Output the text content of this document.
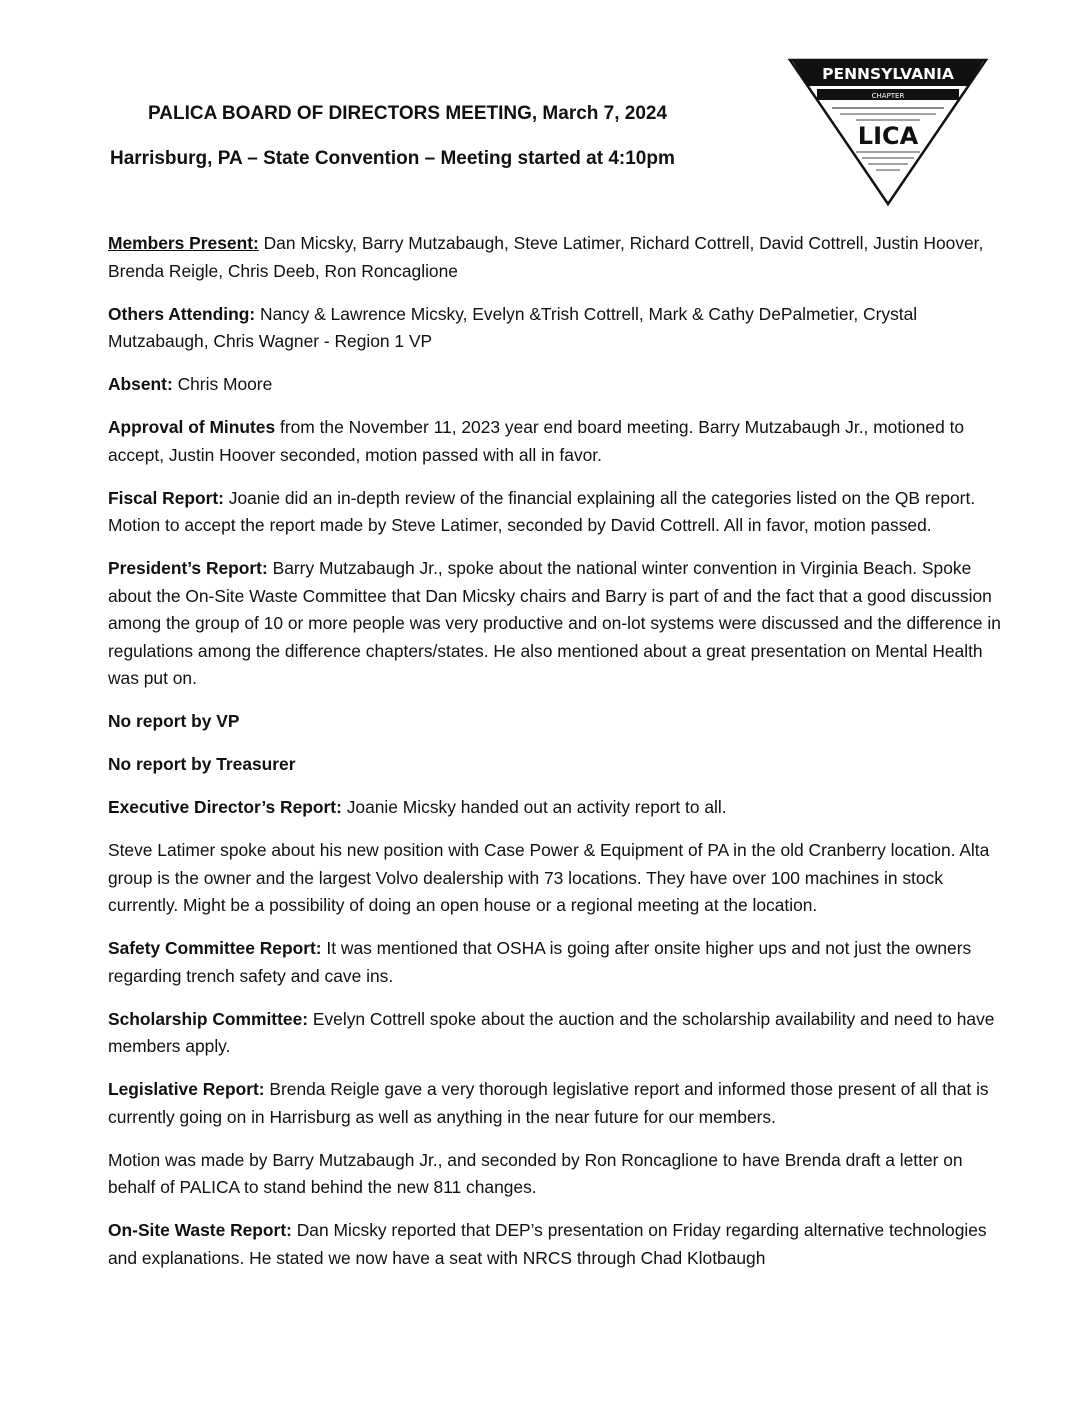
PALICA BOARD OF DIRECTORS MEETING, March 7, 2024
Harrisburg, PA – State Convention – Meeting started at 4:10pm
PENNSYLVANIA
CHAPTER
LICA

Members Present: Dan Micsky, Barry Mutzabaugh, Steve Latimer, Richard Cottrell, David Cottrell, Justin Hoover, Brenda Reigle, Chris Deeb, Ron Roncaglione

Others Attending: Nancy & Lawrence Micsky, Evelyn &Trish Cottrell, Mark & Cathy DePalmetier, Crystal Mutzabaugh, Chris Wagner - Region 1 VP

Absent: Chris Moore

Approval of Minutes from the November 11, 2023 year end board meeting. Barry Mutzabaugh Jr., motioned to accept, Justin Hoover seconded, motion passed with all in favor.

Fiscal Report: Joanie did an in-depth review of the financial explaining all the categories listed on the QB report. Motion to accept the report made by Steve Latimer, seconded by David Cottrell. All in favor, motion passed.

President’s Report: Barry Mutzabaugh Jr., spoke about the national winter convention in Virginia Beach. Spoke about the On-Site Waste Committee that Dan Micsky chairs and Barry is part of and the fact that a good discussion among the group of 10 or more people was very productive and on-lot systems were discussed and the difference in regulations among the difference chapters/states. He also mentioned about a great presentation on Mental Health was put on.

No report by VP

No report by Treasurer

Executive Director’s Report: Joanie Micsky handed out an activity report to all.

Steve Latimer spoke about his new position with Case Power & Equipment of PA in the old Cranberry location. Alta group is the owner and the largest Volvo dealership with 73 locations. They have over 100 machines in stock currently. Might be a possibility of doing an open house or a regional meeting at the location.

Safety Committee Report: It was mentioned that OSHA is going after onsite higher ups and not just the owners regarding trench safety and cave ins.

Scholarship Committee: Evelyn Cottrell spoke about the auction and the scholarship availability and need to have members apply.

Legislative Report: Brenda Reigle gave a very thorough legislative report and informed those present of all that is currently going on in Harrisburg as well as anything in the near future for our members.

Motion was made by Barry Mutzabaugh Jr., and seconded by Ron Roncaglione to have Brenda draft a letter on behalf of PALICA to stand behind the new 811 changes.

On-Site Waste Report: Dan Micsky reported that DEP’s presentation on Friday regarding alternative technologies and explanations. He stated we now have a seat with NRCS through Chad Klotbaugh
